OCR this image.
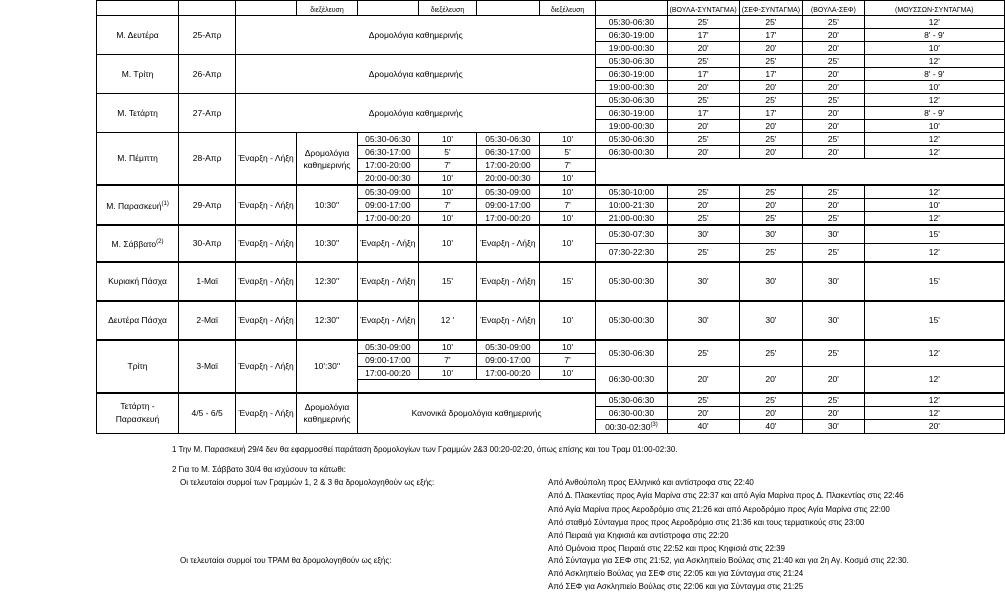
			διεξέλευση		διεξέλευση		διεξέλευση		(ΒΟΥΛΑ-ΣΥΝΤΑΓΜΑ)	(ΣΕΦ-ΣΥΝΤΑΓΜΑ)	(ΒΟΥΛΑ-ΣΕΦ)	(ΜΟΥΣΣΩΝ-ΣΥΝΤΑΓΜΑ)
Μ. Δευτέρα	25-Απρ	Δρομολόγια καθημερινής						05:30-06:30	25'	25'	25'	12'
								06:30-19:00	17'	17'	20'	8' - 9'
								19:00-00:30	20'	20'	20'	10'
Μ. Τρίτη	26-Απρ	Δρομολόγια καθημερινής						05:30-06:30	25'	25'	25'	12'
								06:30-19:00	17'	17'	20'	8' - 9'
								19:00-00:30	20'	20'	20'	10'
Μ. Τετάρτη	27-Απρ	Δρομολόγια καθημερινής						05:30-06:30	25'	25'	25'	12'
								06:30-19:00	17'	17'	20'	8' - 9'
								19:00-00:30	20'	20'	20'	10'
Μ. Πέμπτη	28-Απρ	Έναρξη - Λήξη	Δρομολόγια καθημερινής	05:30-06:30	10'	05:30-06:30	10'	05:30-06:30	25'	25'	25'	12'
				06:30-17:00	5'	06:30-17:00	5'	06:30-00:30	20'	20'	20'	12'
				17:00-20:00	7'	17:00-20:00	7'					
				20:00-00:30	10'	20:00-00:30	10'					
Μ. Παρασκευή$^{(1)}$	29-Απρ	Έναρξη - Λήξη	10:30''	05:30-09:00	10'	05:30-09:00	10'	05:30-10:00	25'	25'	25'	12'
				09:00-17:00	7'	09:00-17:00	7'	10:00-21:30	20'	20'	20'	10'
				17:00-00:20	10'	17:00-00:20	10'	21:00-00:30	25'	25'	25'	12'
Μ. Σάββατο$^{(2)}$	30-Απρ	Έναρξη - Λήξη	10:30''	Έναρξη - Λήξη	10'	Έναρξη - Λήξη	10'	05:30-07:30	30'	30'	30'	15'
								07:30-22:30	25'	25'	25'	12'
Κυριακή Πάσχα	1-Μαϊ	Έναρξη - Λήξη	12:30''	Έναρξη - Λήξη	15'	Έναρξη - Λήξη	15'	05:30-00:30	30'	30'	30'	15'
Δευτέρα Πάσχα	2-Μαϊ	Έναρξη - Λήξη	12:30''	Έναρξη - Λήξη	12 '	Έναρξη - Λήξη	10'	05:30-00:30	30'	30'	30'	15'
Τρίτη	3-Μαϊ	Έναρξη - Λήξη	10':30''	05:30-09:00	10'	05:30-09:00	10'	05:30-06:30	25'	25'	25'	12'
				09:00-17:00	7'	09:00-17:00	7'					
				17:00-00:20	10'	17:00-00:20	10'	06:30-00:30	20'	20'	20'	12'

Τετάρτη - Παρασκευή	4/5 - 6/5	Έναρξη - Λήξη	Δρομολόγια καθημερινής	Κανονικά δρομολόγια καθημερινής				05:30-06:30	25'	25'	25'	12'
								06:30-00:30	20'	20'	20'	12'
								00:30-02:30$^{(3)}$	40'	40'	30'	20'
1 Την Μ. Παρασκευή 29/4 δεν θα εφαρμοσθεί παράταση δρομολογίων των Γραμμών 2&3 00:20-02:20, όπως επίσης και του Τραμ 01:00-02:30.
2 Για το Μ. Σάββατο 30/4 θα ισχύσουν τα κάτωθι:
Οι τελευταίοι συρμοί των Γραμμών 1, 2 & 3 θα δρομολογηθούν ως εξής:	Από Ανθούπολη προς Ελληνικό και αντίστροφα στις 22:40
Από Δ. Πλακεντίας προς Αγία Μαρίνα στις 22:37 και από Αγία Μαρίνα προς Δ. Πλακεντίας στις 22:46
Από Αγία Μαρίνα προς Αεροδρόμιο στις 21:26 και από Αεροδρόμιο προς Αγία Μαρίνα στις 22:00
Από σταθμό Σύνταγμα προς προς Αεροδρόμιο στις 21:36 και τους τερματικούς στις 23:00
Από Πειραιά για Κηφισιά και αντίστροφα στις 22:20
Από Ομόνοια προς Πειραιά στις 22:52 και προς Κηφισιά στις 22:39
Οι τελευταίοι συρμοί του ΤΡΑΜ θα δρομολογηθούν ως εξής:	Από Σύνταγμα για ΣΕΦ στις 21:52, για Ασκληπιείο Βούλας στις 21:40 και για 2η Αγ. Κοσμά στις 22:30.
Από Ασκληπιείο Βούλας για ΣΕΦ στις 22:05 και για Σύνταγμα στις 21:24
Από ΣΕΦ για Ασκληπιείο Βούλας στις 22:06 και για Σύνταγμα στις 21:25
